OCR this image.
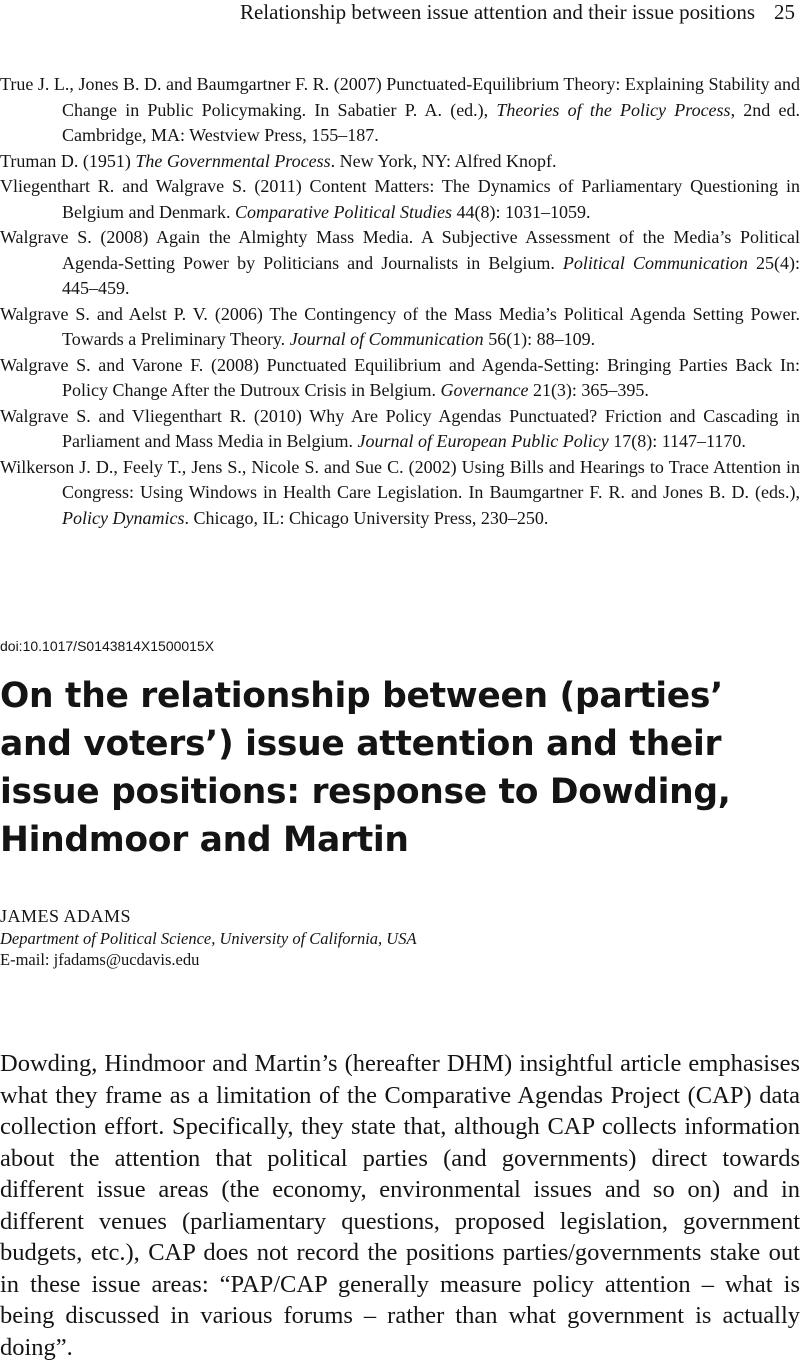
Relationship between issue attention and their issue positions 25

True J. L., Jones B. D. and Baumgartner F. R. (2007) Punctuated-Equilibrium Theory: Explaining Stability and Change in Public Policymaking. In Sabatier P. A. (ed.), Theories of the Policy Process, 2nd ed. Cambridge, MA: Westview Press, 155–187.

Truman D. (1951) The Governmental Process. New York, NY: Alfred Knopf.

Vliegenthart R. and Walgrave S. (2011) Content Matters: The Dynamics of Parliamentary Questioning in Belgium and Denmark. Comparative Political Studies 44(8): 1031–1059.

Walgrave S. (2008) Again the Almighty Mass Media. A Subjective Assessment of the Media’s Political Agenda-Setting Power by Politicians and Journalists in Belgium. Political Communication 25(4): 445–459.

Walgrave S. and Aelst P. V. (2006) The Contingency of the Mass Media’s Political Agenda Setting Power. Towards a Preliminary Theory. Journal of Communication 56(1): 88–109.

Walgrave S. and Varone F. (2008) Punctuated Equilibrium and Agenda-Setting: Bringing Parties Back In: Policy Change After the Dutroux Crisis in Belgium. Governance 21(3): 365–395.

Walgrave S. and Vliegenthart R. (2010) Why Are Policy Agendas Punctuated? Friction and Cascading in Parliament and Mass Media in Belgium. Journal of European Public Policy 17(8): 1147–1170.

Wilkerson J. D., Feely T., Jens S., Nicole S. and Sue C. (2002) Using Bills and Hearings to Trace Attention in Congress: Using Windows in Health Care Legislation. In Baumgartner F. R. and Jones B. D. (eds.), Policy Dynamics. Chicago, IL: Chicago University Press, 230–250.

doi:10.1017/S0143814X1500015X
On the relationship between (parties’ and voters’) issue attention and their issue positions: response to Dowding, Hindmoor and Martin
JAMES ADAMS
Department of Political Science, University of California, USA
E-mail: jfadams@ucdavis.edu

Dowding, Hindmoor and Martin’s (hereafter DHM) insightful article emphasises what they frame as a limitation of the Comparative Agendas Project (CAP) data collection effort. Specifically, they state that, although CAP collects information about the attention that political parties (and governments) direct towards different issue areas (the economy, environmental issues and so on) and in different venues (parliamentary questions, proposed legislation, government budgets, etc.), CAP does not record the positions parties/governments stake out in these issue areas: “PAP/CAP generally measure policy attention – what is being discussed in various forums – rather than what government is actually doing”.
